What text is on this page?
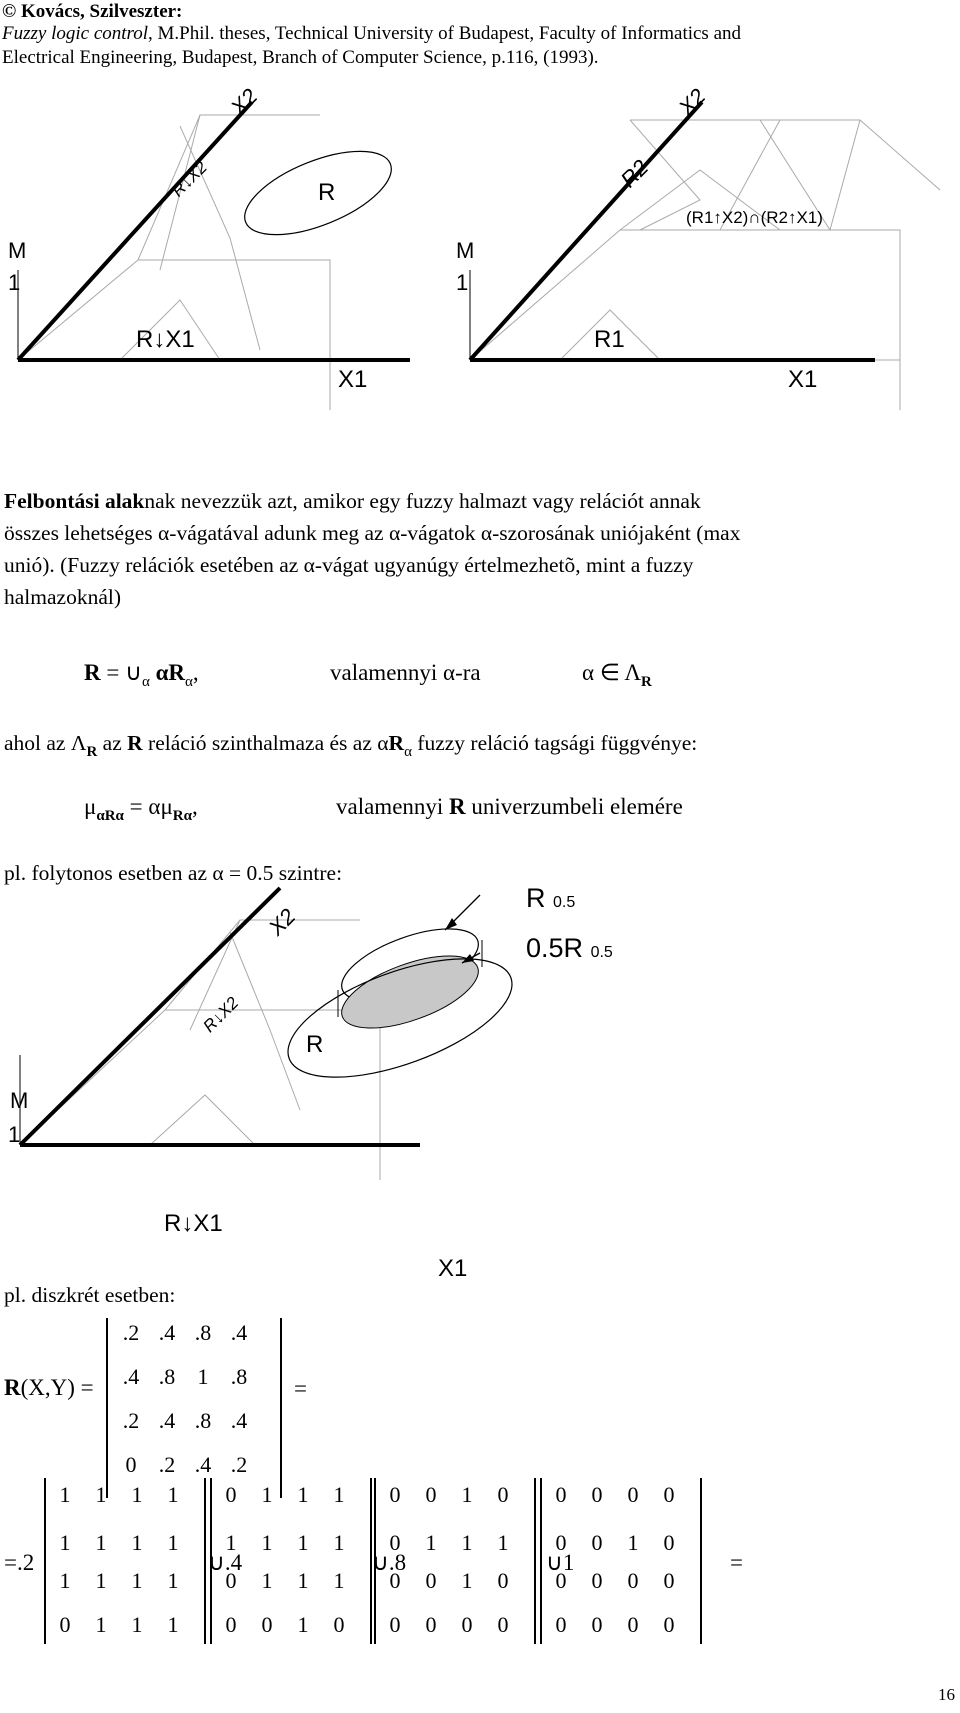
© Kovács, Szilveszter:
Fuzzy logic control, M.Phil. theses, Technical University of Budapest, Faculty of Informatics and
Electrical Engineering, Budapest, Branch of Computer Science, p.116, (1993).
X2
R↓X2	R
M
1
R↓X1
X1
X2
R2
(R1↑X2)∩(R2↑X1)
M
1
R1
X1
Felbontási alaknak nevezzük azt, amikor egy fuzzy halmazt vagy relációt annak
összes lehetséges α-vágatával adunk meg az α-vágatok α-szorosának uniójaként (max
unió). (Fuzzy relációk esetében az α-vágat ugyanúgy értelmezhetõ, mint a fuzzy
halmazoknál)
$R = \cup_\alpha$ $\alpha R_\alpha$,	valamennyi α-ra	α ∈ $\Lambda_R$
ahol az $\Lambda_R$ az R reláció szinthalmaza és az $\alpha R_\alpha$ fuzzy reláció tagsági függvénye:
$\mu_{\alpha R\alpha} = \alpha\mu_{R\alpha}$,	valamennyi R univerzumbeli elemére
pl. folytonos esetben az α = 0.5 szintre:
X2
R↓X2
R
M
1
R 0.5
0.5R 0.5
R↓X1
X1
pl. diszkrét esetben:
R(X,Y) =
.2 .4 .8 .4
.4 .8	1	.8
.2 .4 .8 .4
0	.2 .4 .2
=
=.2
1	1	1	1
1	1	1	1
1	1	1	1
0	1	1	1
0	1	1	1
1	1	1	1
0	1	1	1
0	0	1	0
0	0	1	0
0	1	1	1
0	0	1	0
0	0	0	0
0	0	0	0
0	0	1	0
0	0	0	0
0	0	0	0
∪.4	∪.8	∪1	=
16
